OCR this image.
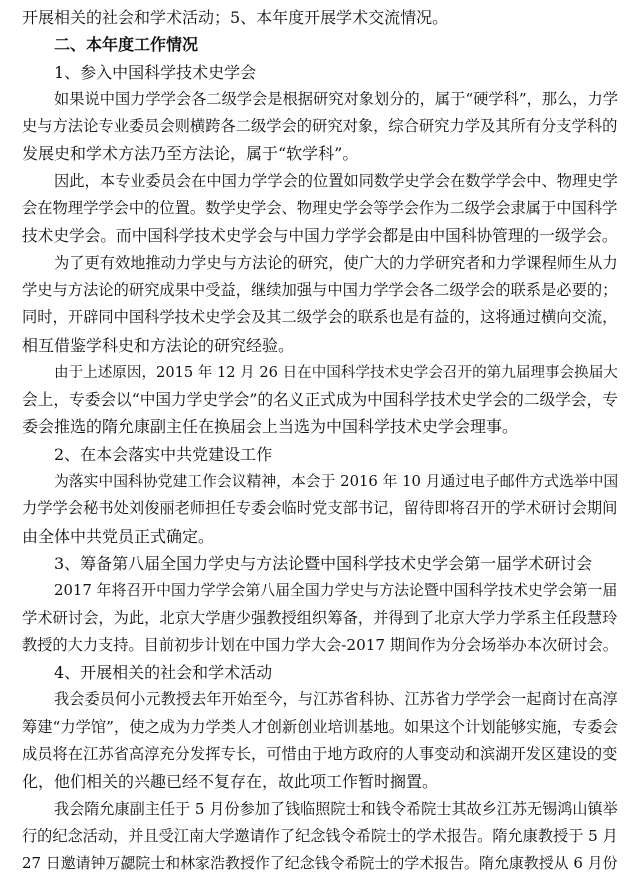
开展相关的社会和学术活动；5、本年度开展学术交流情况。
二、本年度工作情况
1、参入中国科学技术史学会
如果说中国力学学会各二级学会是根据研究对象划分的，属于“硬学科”，那么，力学
史与方法论专业委员会则横跨各二级学会的研究对象，综合研究力学及其所有分支学科的
发展史和学术方法乃至方法论，属于“软学科”。
因此，本专业委员会在中国力学学会的位置如同数学史学会在数学学会中、物理史学
会在物理学学会中的位置。数学史学会、物理史学会等学会作为二级学会隶属于中国科学
技术史学会。而中国科学技术史学会与中国力学学会都是由中国科协管理的一级学会。
为了更有效地推动力学史与方法论的研究，使广大的力学研究者和力学课程师生从力
学史与方法论的研究成果中受益，继续加强与中国力学学会各二级学会的联系是必要的；
同时，开辟同中国科学技术史学会及其二级学会的联系也是有益的，这将通过横向交流，
相互借鉴学科史和方法论的研究经验。
由于上述原因，2015 年 12 月 26 日在中国科学技术史学会召开的第九届理事会换届大
会上，专委会以“中国力学史学会”的名义正式成为中国科学技术史学会的二级学会，专
委会推选的隋允康副主任在换届会上当选为中国科学技术史学会理事。
2、在本会落实中共党建设工作
为落实中国科协党建工作会议精神，本会于 2016 年 10 月通过电子邮件方式选举中国
力学学会秘书处刘俊丽老师担任专委会临时党支部书记，留待即将召开的学术研讨会期间
由全体中共党员正式确定。
3、筹备第八届全国力学史与方法论暨中国科学技术史学会第一届学术研讨会
2017 年将召开中国力学学会第八届全国力学史与方法论暨中国科学技术史学会第一届
学术研讨会，为此，北京大学唐少强教授组织筹备，并得到了北京大学力学系主任段慧玲
教授的大力支持。目前初步计划在中国力学大会-2017 期间作为分会场举办本次研讨会。
4、开展相关的社会和学术活动
我会委员何小元教授去年开始至今，与江苏省科协、江苏省力学学会一起商讨在高淳
筹建“力学馆”，使之成为力学类人才创新创业培训基地。如果这个计划能够实施，专委会
成员将在江苏省高淳充分发挥专长，可惜由于地方政府的人事变动和滨湖开发区建设的变
化，他们相关的兴趣已经不复存在，故此项工作暂时搁置。
我会隋允康副主任于 5 月份参加了钱临照院士和钱令希院士其故乡江苏无锡鸿山镇举
行的纪念活动，并且受江南大学邀请作了纪念钱令希院士的学术报告。隋允康教授于 5 月
27 日邀请钟万勰院士和林家浩教授作了纪念钱令希院士的学术报告。隋允康教授从 6 月份
